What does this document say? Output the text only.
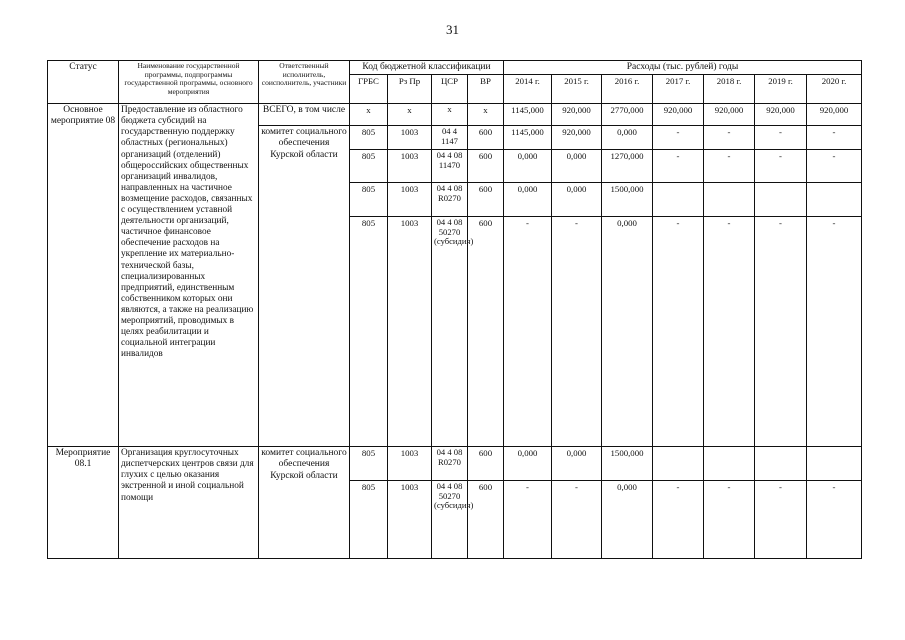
31
Статус	Наименование государственной программы, подпрограммы государственной программы, основного мероприятия	Ответственный исполнитель, соисполнитель, участники	Код бюджетной классификации				Расходы (тыс. рублей) годы						
			ГРБС	Рз Пр	ЦСР	ВР	2014 г.	2015 г.	2016 г.	2017 г.	2018 г.	2019 г.	2020 г.
Основное мероприятие 08	Предоставление из областного бюджета субсидий на государственную поддержку областных (региональных) организаций (отделений) общероссийских общественных организаций инвалидов, направленных на частичное возмещение расходов, связанных с осуществлением уставной деятельности организаций, частичное финансовое обеспечение расходов на укрепление их материально-технической базы, специализированных предприятий, единственным собственником которых они являются, а также на реализацию мероприятий, проводимых в целях реабилитации и социальной интеграции инвалидов	ВСЕГО, в том числе	x	x	x	x	1145,000	920,000	2770,000	920,000	920,000	920,000	920,000
		комитет социального обеспечения Курской области	805	1003	04 4 1147	600	1145,000	920,000	0,000	-	-	-	-
			805	1003	04 4 08 11470	600	0,000	0,000	1270,000	-	-	-	-
			805	1003	04 4 08 R0270	600	0,000	0,000	1500,000				
			805	1003	04 4 08 50270 (субсидия)	600	-	-	0,000	-	-	-	-
Мероприятие 08.1	Организация круглосуточных диспетчерских центров связи для глухих с целью оказания экстренной и иной социальной помощи	комитет социального обеспечения Курской области	805	1003	04 4 08 R0270	600	0,000	0,000	1500,000				
			805	1003	04 4 08 50270 (субсидия)	600	-	-	0,000	-	-	-	-
